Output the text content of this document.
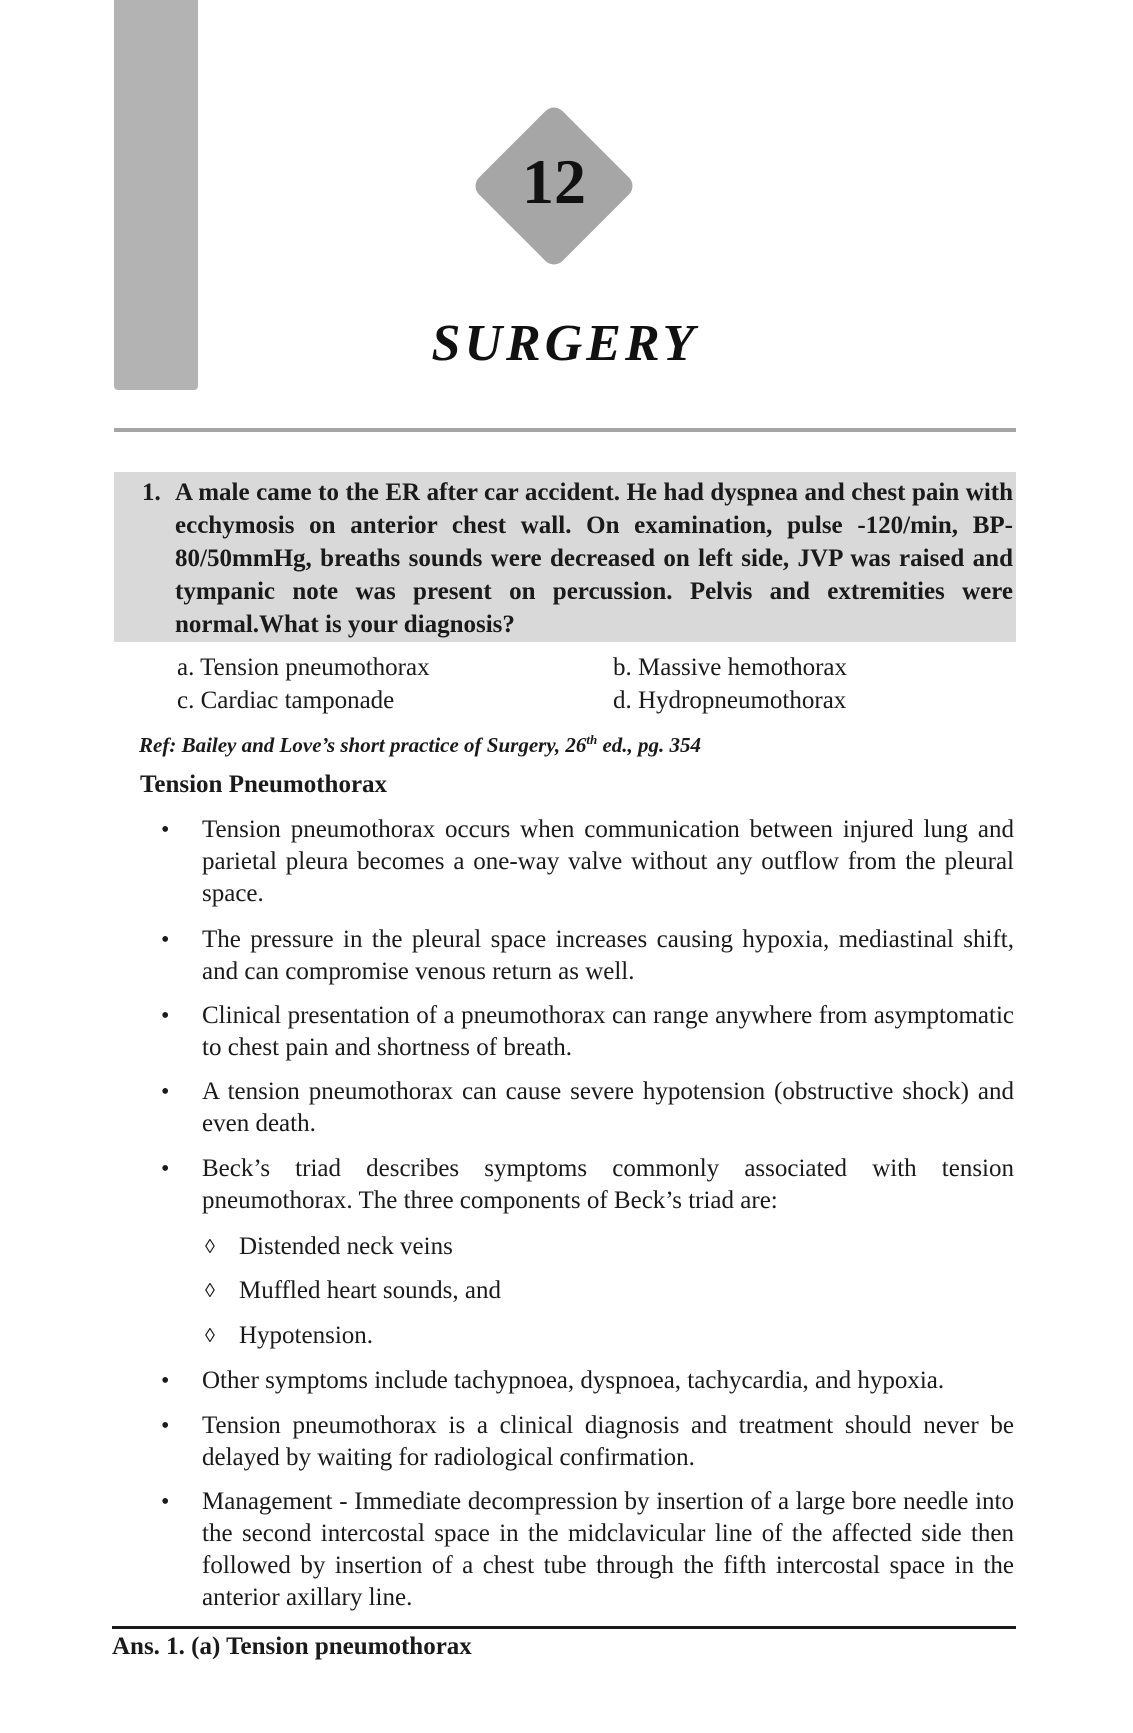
12
SURGERY
1. A male came to the ER after car accident. He had dyspnea and chest pain with ecchymosis on anterior chest wall. On examination, pulse -120/min, BP-80/50mmHg, breaths sounds were decreased on left side, JVP was raised and tympanic note was present on percussion. Pelvis and extremities were normal.What is your diagnosis?
a. Tension pneumothorax	b. Massive hemothorax
c. Cardiac tamponade	d. Hydropneumothorax
Ref: Bailey and Love’s short practice of Surgery, 26th ed., pg. 354
Tension Pneumothorax
• Tension pneumothorax occurs when communication between injured lung and parietal pleura becomes a one-way valve without any outflow from the pleural space.
• The pressure in the pleural space increases causing hypoxia, mediastinal shift, and can compromise venous return as well.
• Clinical presentation of a pneumothorax can range anywhere from asymptomatic to chest pain and shortness of breath.
• A tension pneumothorax can cause severe hypotension (obstructive shock) and even death.
• Beck’s triad describes symptoms commonly associated with tension pneumothorax. The three components of Beck’s triad are:
◊ Distended neck veins
◊ Muffled heart sounds, and
◊ Hypotension.
• Other symptoms include tachypnoea, dyspnoea, tachycardia, and hypoxia.
• Tension pneumothorax is a clinical diagnosis and treatment should never be delayed by waiting for radiological confirmation.
• Management - Immediate decompression by insertion of a large bore needle into the second intercostal space in the midclavicular line of the affected side then followed by insertion of a chest tube through the fifth intercostal space in the anterior axillary line.
Ans. 1. (a) Tension pneumothorax
